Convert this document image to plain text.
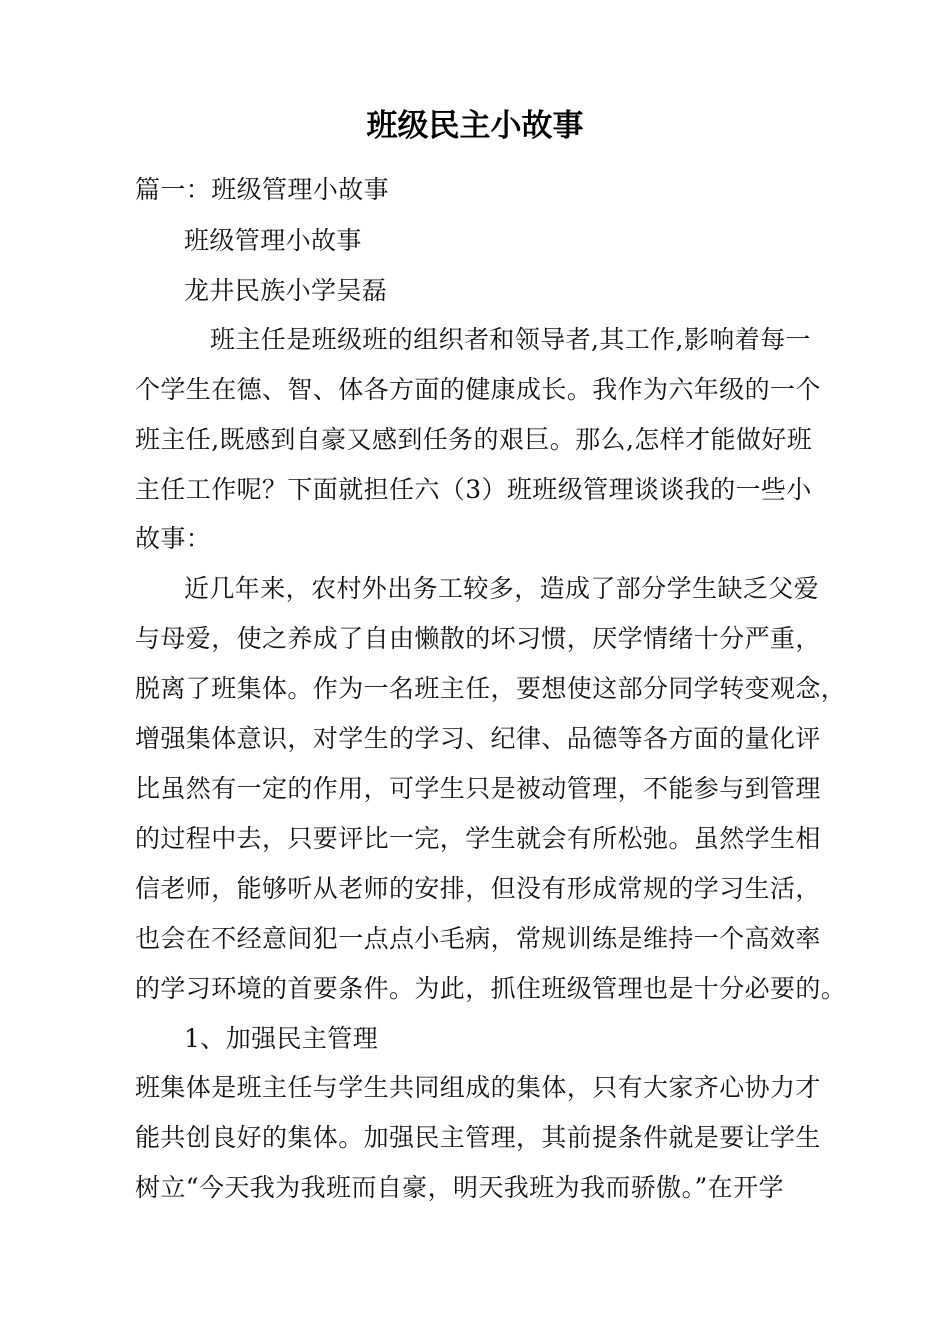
班级民主小故事
篇一：班级管理小故事
班级管理小故事
龙井民族小学吴磊
班主任是班级班的组织者和领导者,其工作,影响着每一
个学生在德、智、体各方面的健康成长。我作为六年级的一个
班主任,既感到自豪又感到任务的艰巨。那么,怎样才能做好班
主任工作呢？下面就担任六（3）班班级管理谈谈我的一些小
故事：
近几年来，农村外出务工较多，造成了部分学生缺乏父爱
与母爱，使之养成了自由懒散的坏习惯，厌学情绪十分严重，
脱离了班集体。作为一名班主任，要想使这部分同学转变观念，
增强集体意识，对学生的学习、纪律、品德等各方面的量化评
比虽然有一定的作用，可学生只是被动管理，不能参与到管理
的过程中去，只要评比一完，学生就会有所松弛。虽然学生相
信老师，能够听从老师的安排，但没有形成常规的学习生活，
也会在不经意间犯一点点小毛病，常规训练是维持一个高效率
的学习环境的首要条件。为此，抓住班级管理也是十分必要的。
1、加强民主管理
班集体是班主任与学生共同组成的集体，只有大家齐心协力才
能共创良好的集体。加强民主管理，其前提条件就是要让学生
树立“今天我为我班而自豪，明天我班为我而骄傲。”在开学
